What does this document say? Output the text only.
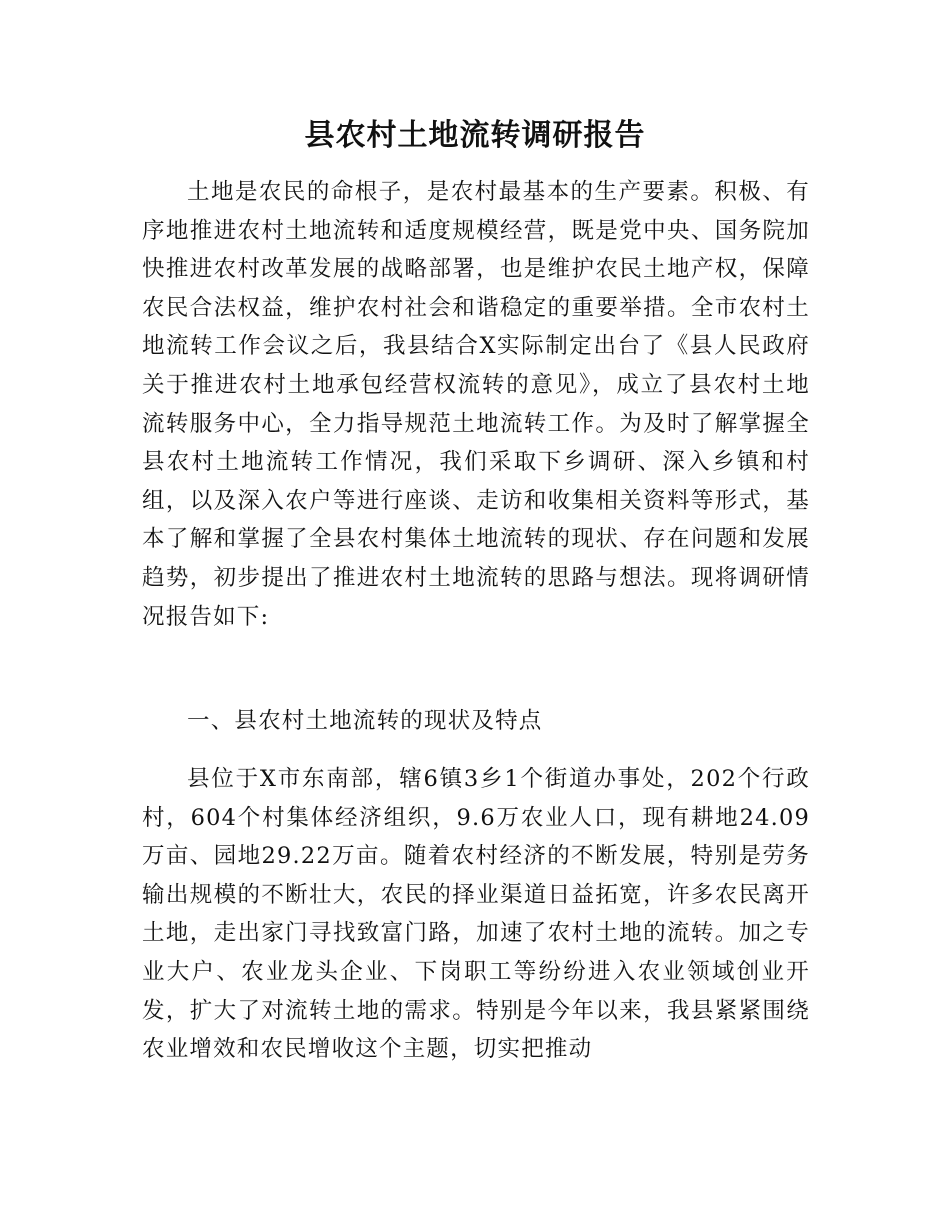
县农村土地流转调研报告

土地是农民的命根子，是农村最基本的生产要素。积极、有序地推进农村土地流转和适度规模经营，既是党中央、国务院加快推进农村改革发展的战略部署，也是维护农民土地产权，保障农民合法权益，维护农村社会和谐稳定的重要举措。全市农村土地流转工作会议之后，我县结合X实际制定出台了《县人民政府关于推进农村土地承包经营权流转的意见》，成立了县农村土地流转服务中心，全力指导规范土地流转工作。为及时了解掌握全县农村土地流转工作情况，我们采取下乡调研、深入乡镇和村组，以及深入农户等进行座谈、走访和收集相关资料等形式，基本了解和掌握了全县农村集体土地流转的现状、存在问题和发展趋势，初步提出了推进农村土地流转的思路与想法。现将调研情况报告如下:

一、县农村土地流转的现状及特点

县位于X市东南部，辖6镇3乡1个街道办事处，202个行政村，604个村集体经济组织，9.6万农业人口，现有耕地24.09万亩、园地29.22万亩。随着农村经济的不断发展，特别是劳务输出规模的不断壮大，农民的择业渠道日益拓宽，许多农民离开土地，走出家门寻找致富门路，加速了农村土地的流转。加之专业大户、农业龙头企业、下岗职工等纷纷进入农业领域创业开发，扩大了对流转土地的需求。特别是今年以来，我县紧紧围绕农业增效和农民增收这个主题，切实把推动
